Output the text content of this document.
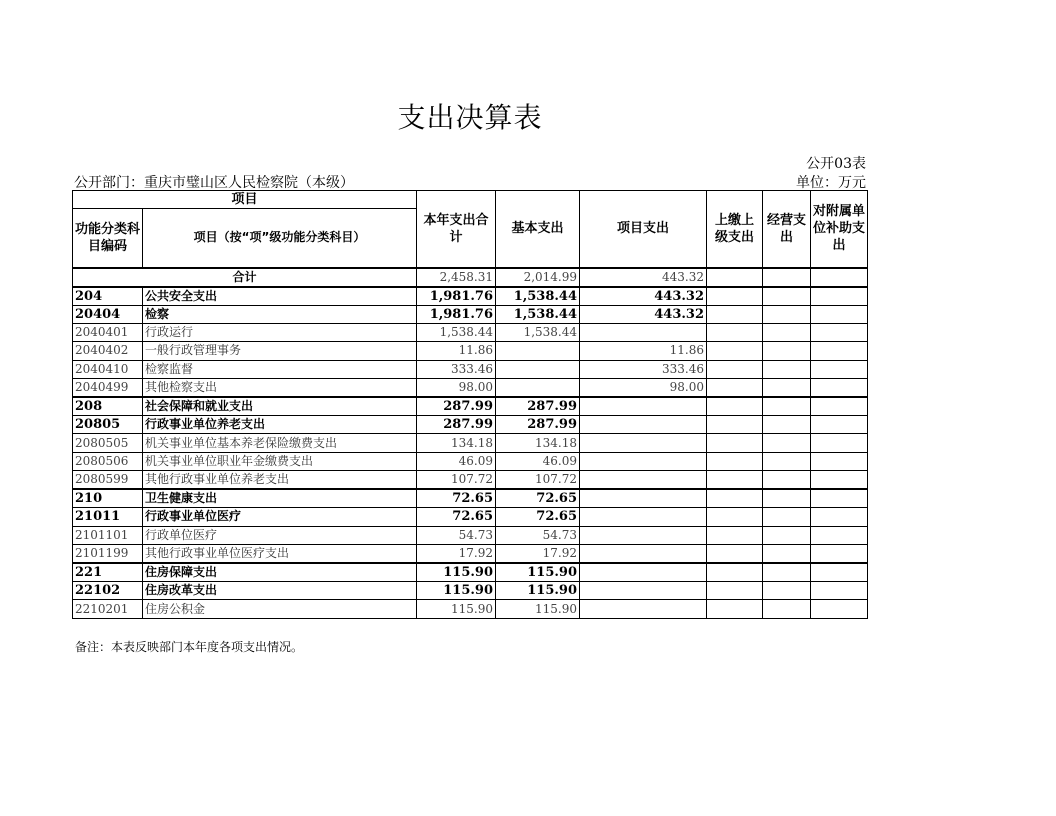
支出决算表
公开03表
公开部门：重庆市璧山区人民检察院（本级）	单位：万元
项目		本年支出合计	基本支出	项目支出	上缴上级支出	经营支出	对附属单位补助支出
功能分类科目编码	项目（按“项”级功能分类科目）						
合计		2,458.31	2,014.99	443.32			
204	公共安全支出	1,981.76	1,538.44	443.32			
20404	检察	1,981.76	1,538.44	443.32			
2040401	行政运行	1,538.44	1,538.44				
2040402	一般行政管理事务	11.86		11.86			
2040410	检察监督	333.46		333.46			
2040499	其他检察支出	98.00		98.00			
208	社会保障和就业支出	287.99	287.99				
20805	行政事业单位养老支出	287.99	287.99				
2080505	机关事业单位基本养老保险缴费支出	134.18	134.18				
2080506	机关事业单位职业年金缴费支出	46.09	46.09				
2080599	其他行政事业单位养老支出	107.72	107.72				
210	卫生健康支出	72.65	72.65				
21011	行政事业单位医疗	72.65	72.65				
2101101	行政单位医疗	54.73	54.73				
2101199	其他行政事业单位医疗支出	17.92	17.92				
221	住房保障支出	115.90	115.90				
22102	住房改革支出	115.90	115.90				
2210201	住房公积金	115.90	115.90				
备注：本表反映部门本年度各项支出情况。
